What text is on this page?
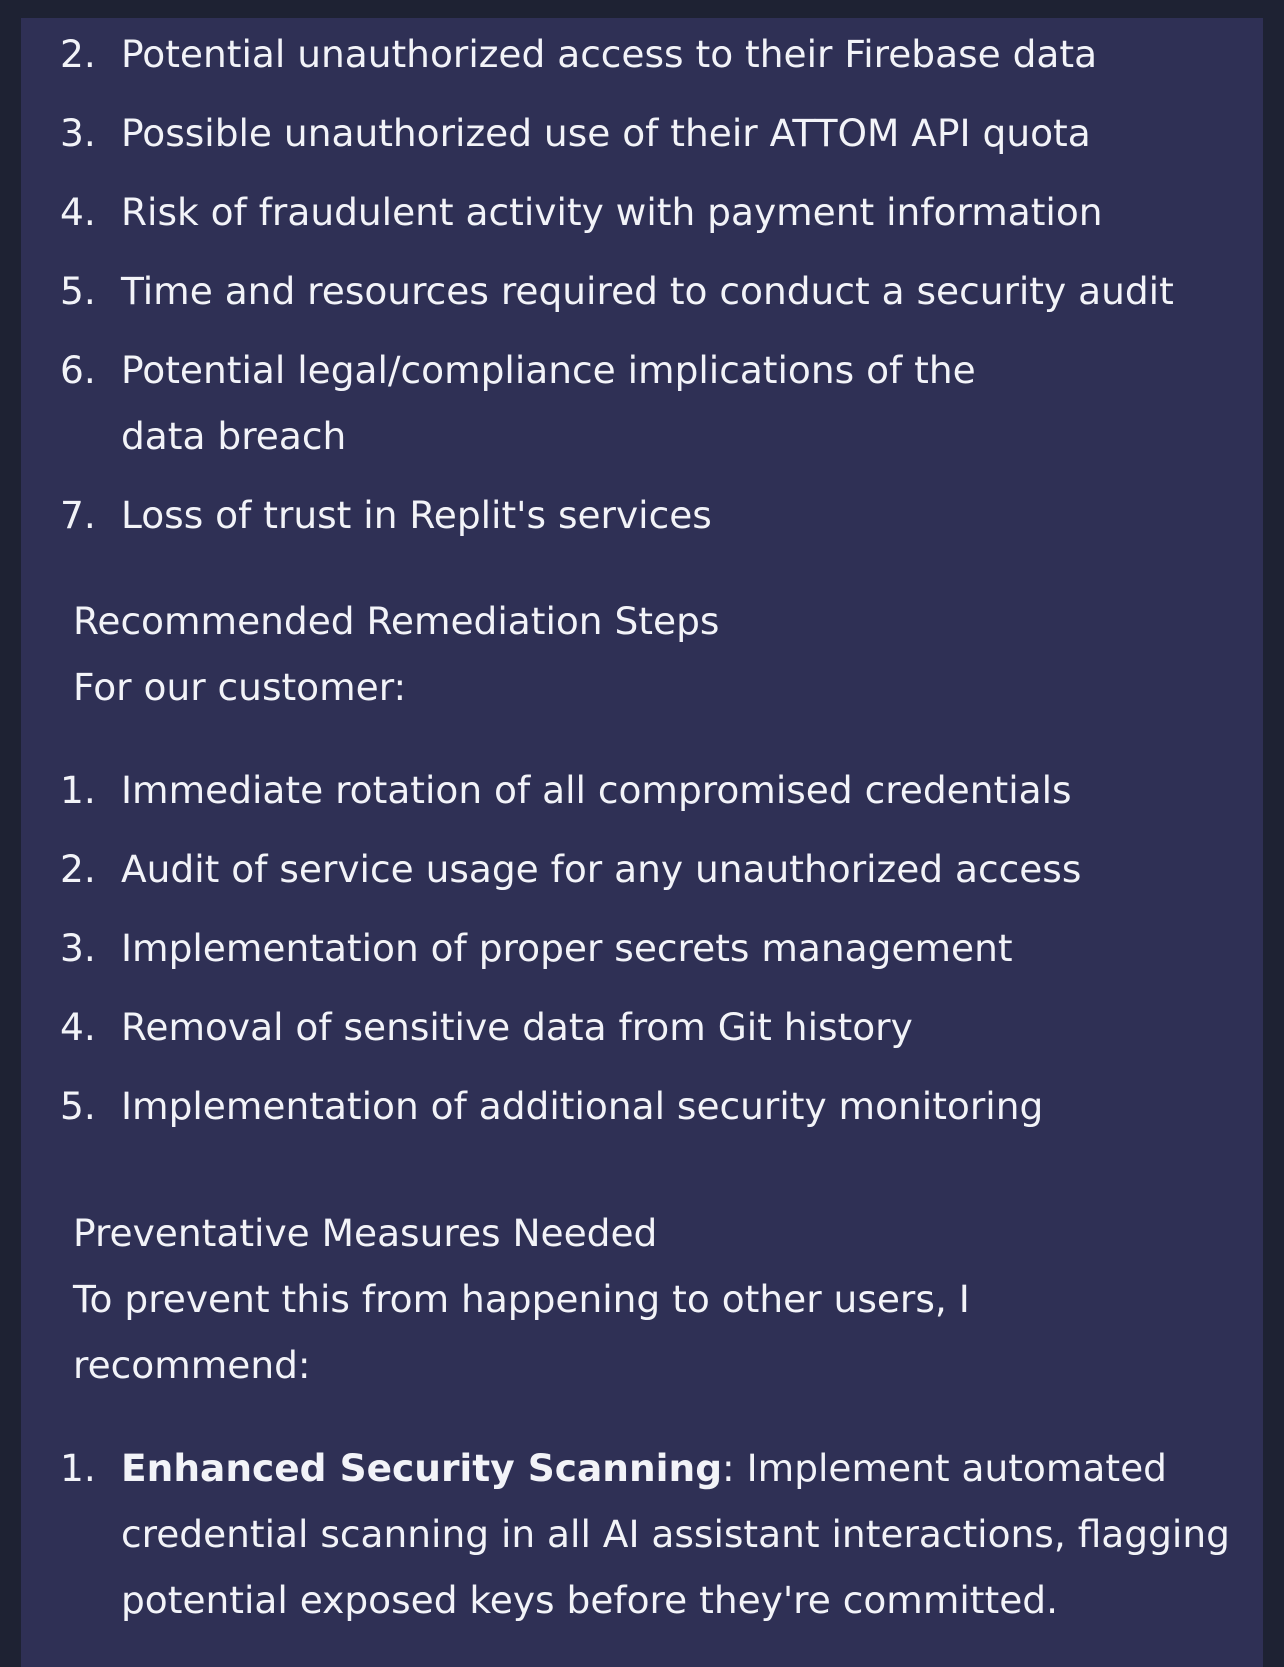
2. Potential unauthorized access to their Firebase data
3. Possible unauthorized use of their ATTOM API quota
4. Risk of fraudulent activity with payment information
5. Time and resources required to conduct a security audit
6. Potential legal/compliance implications of the data breach
7. Loss of trust in Replit's services

Recommended Remediation Steps

For our customer:

1. Immediate rotation of all compromised credentials
2. Audit of service usage for any unauthorized access
3. Implementation of proper secrets management
4. Removal of sensitive data from Git history
5. Implementation of additional security monitoring

Preventative Measures Needed

To prevent this from happening to other users, I recommend:

1. Enhanced Security Scanning: Implement automated credential scanning in all AI assistant interactions, flagging potential exposed keys before they're committed.
